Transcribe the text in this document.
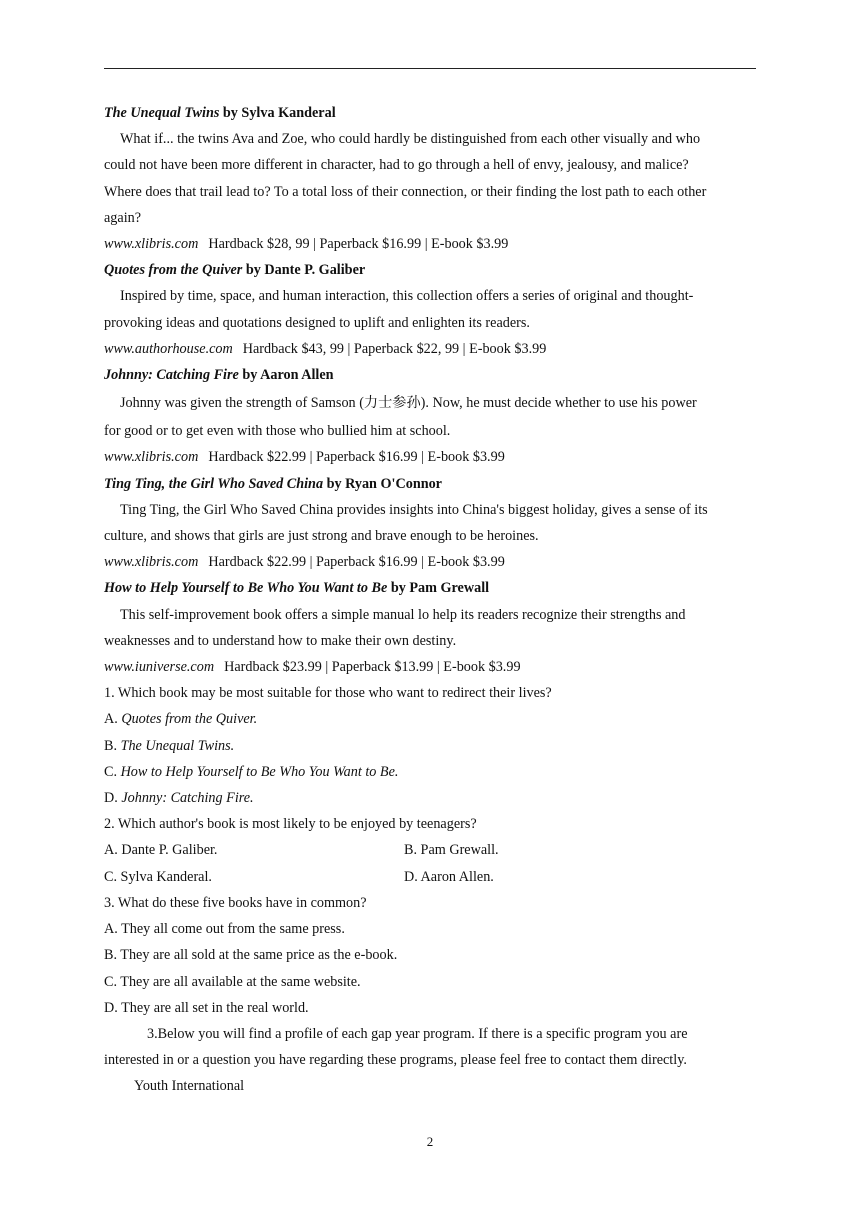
The Unequal Twins by Sylva Kanderal
What if... the twins Ava and Zoe, who could hardly be distinguished from each other visually and who
could not have been more different in character, had to go through a hell of envy, jealousy, and malice?
Where does that trail lead to? To a total loss of their connection, or their finding the lost path to each other
again?
www.xlibris.com Hardback $28, 99 | Paperback $16.99 | E-book $3.99
Quotes from the Quiver by Dante P. Galiber
Inspired by time, space, and human interaction, this collection offers a series of original and thought-
provoking ideas and quotations designed to uplift and enlighten its readers.
www.authorhouse.com Hardback $43, 99 | Paperback $22, 99 | E-book $3.99
Johnny: Catching Fire by Aaron Allen
Johnny was given the strength of Samson (力士参孙). Now, he must decide whether to use his power
for good or to get even with those who bullied him at school.
www.xlibris.com Hardback $22.99 | Paperback $16.99 | E-book $3.99
Ting Ting, the Girl Who Saved China by Ryan O'Connor
Ting Ting, the Girl Who Saved China provides insights into China's biggest holiday, gives a sense of its
culture, and shows that girls are just strong and brave enough to be heroines.
www.xlibris.com Hardback $22.99 | Paperback $16.99 | E-book $3.99
How to Help Yourself to Be Who You Want to Be by Pam Grewall
This self-improvement book offers a simple manual lo help its readers recognize their strengths and
weaknesses and to understand how to make their own destiny.
www.iuniverse.com Hardback $23.99 | Paperback $13.99 | E-book $3.99
1. Which book may be most suitable for those who want to redirect their lives?
A. Quotes from the Quiver.
B. The Unequal Twins.
C. How to Help Yourself to Be Who You Want to Be.
D. Johnny: Catching Fire.
2. Which author's book is most likely to be enjoyed by teenagers?
A. Dante P. Galiber.	B. Pam Grewall.
C. Sylva Kanderal.	D. Aaron Allen.
3. What do these five books have in common?
A. They all come out from the same press.
B. They are all sold at the same price as the e-book.
C. They are all available at the same website.
D. They are all set in the real world.
3.Below you will find a profile of each gap year program. If there is a specific program you are
interested in or a question you have regarding these programs, please feel free to contact them directly.
Youth International
2
